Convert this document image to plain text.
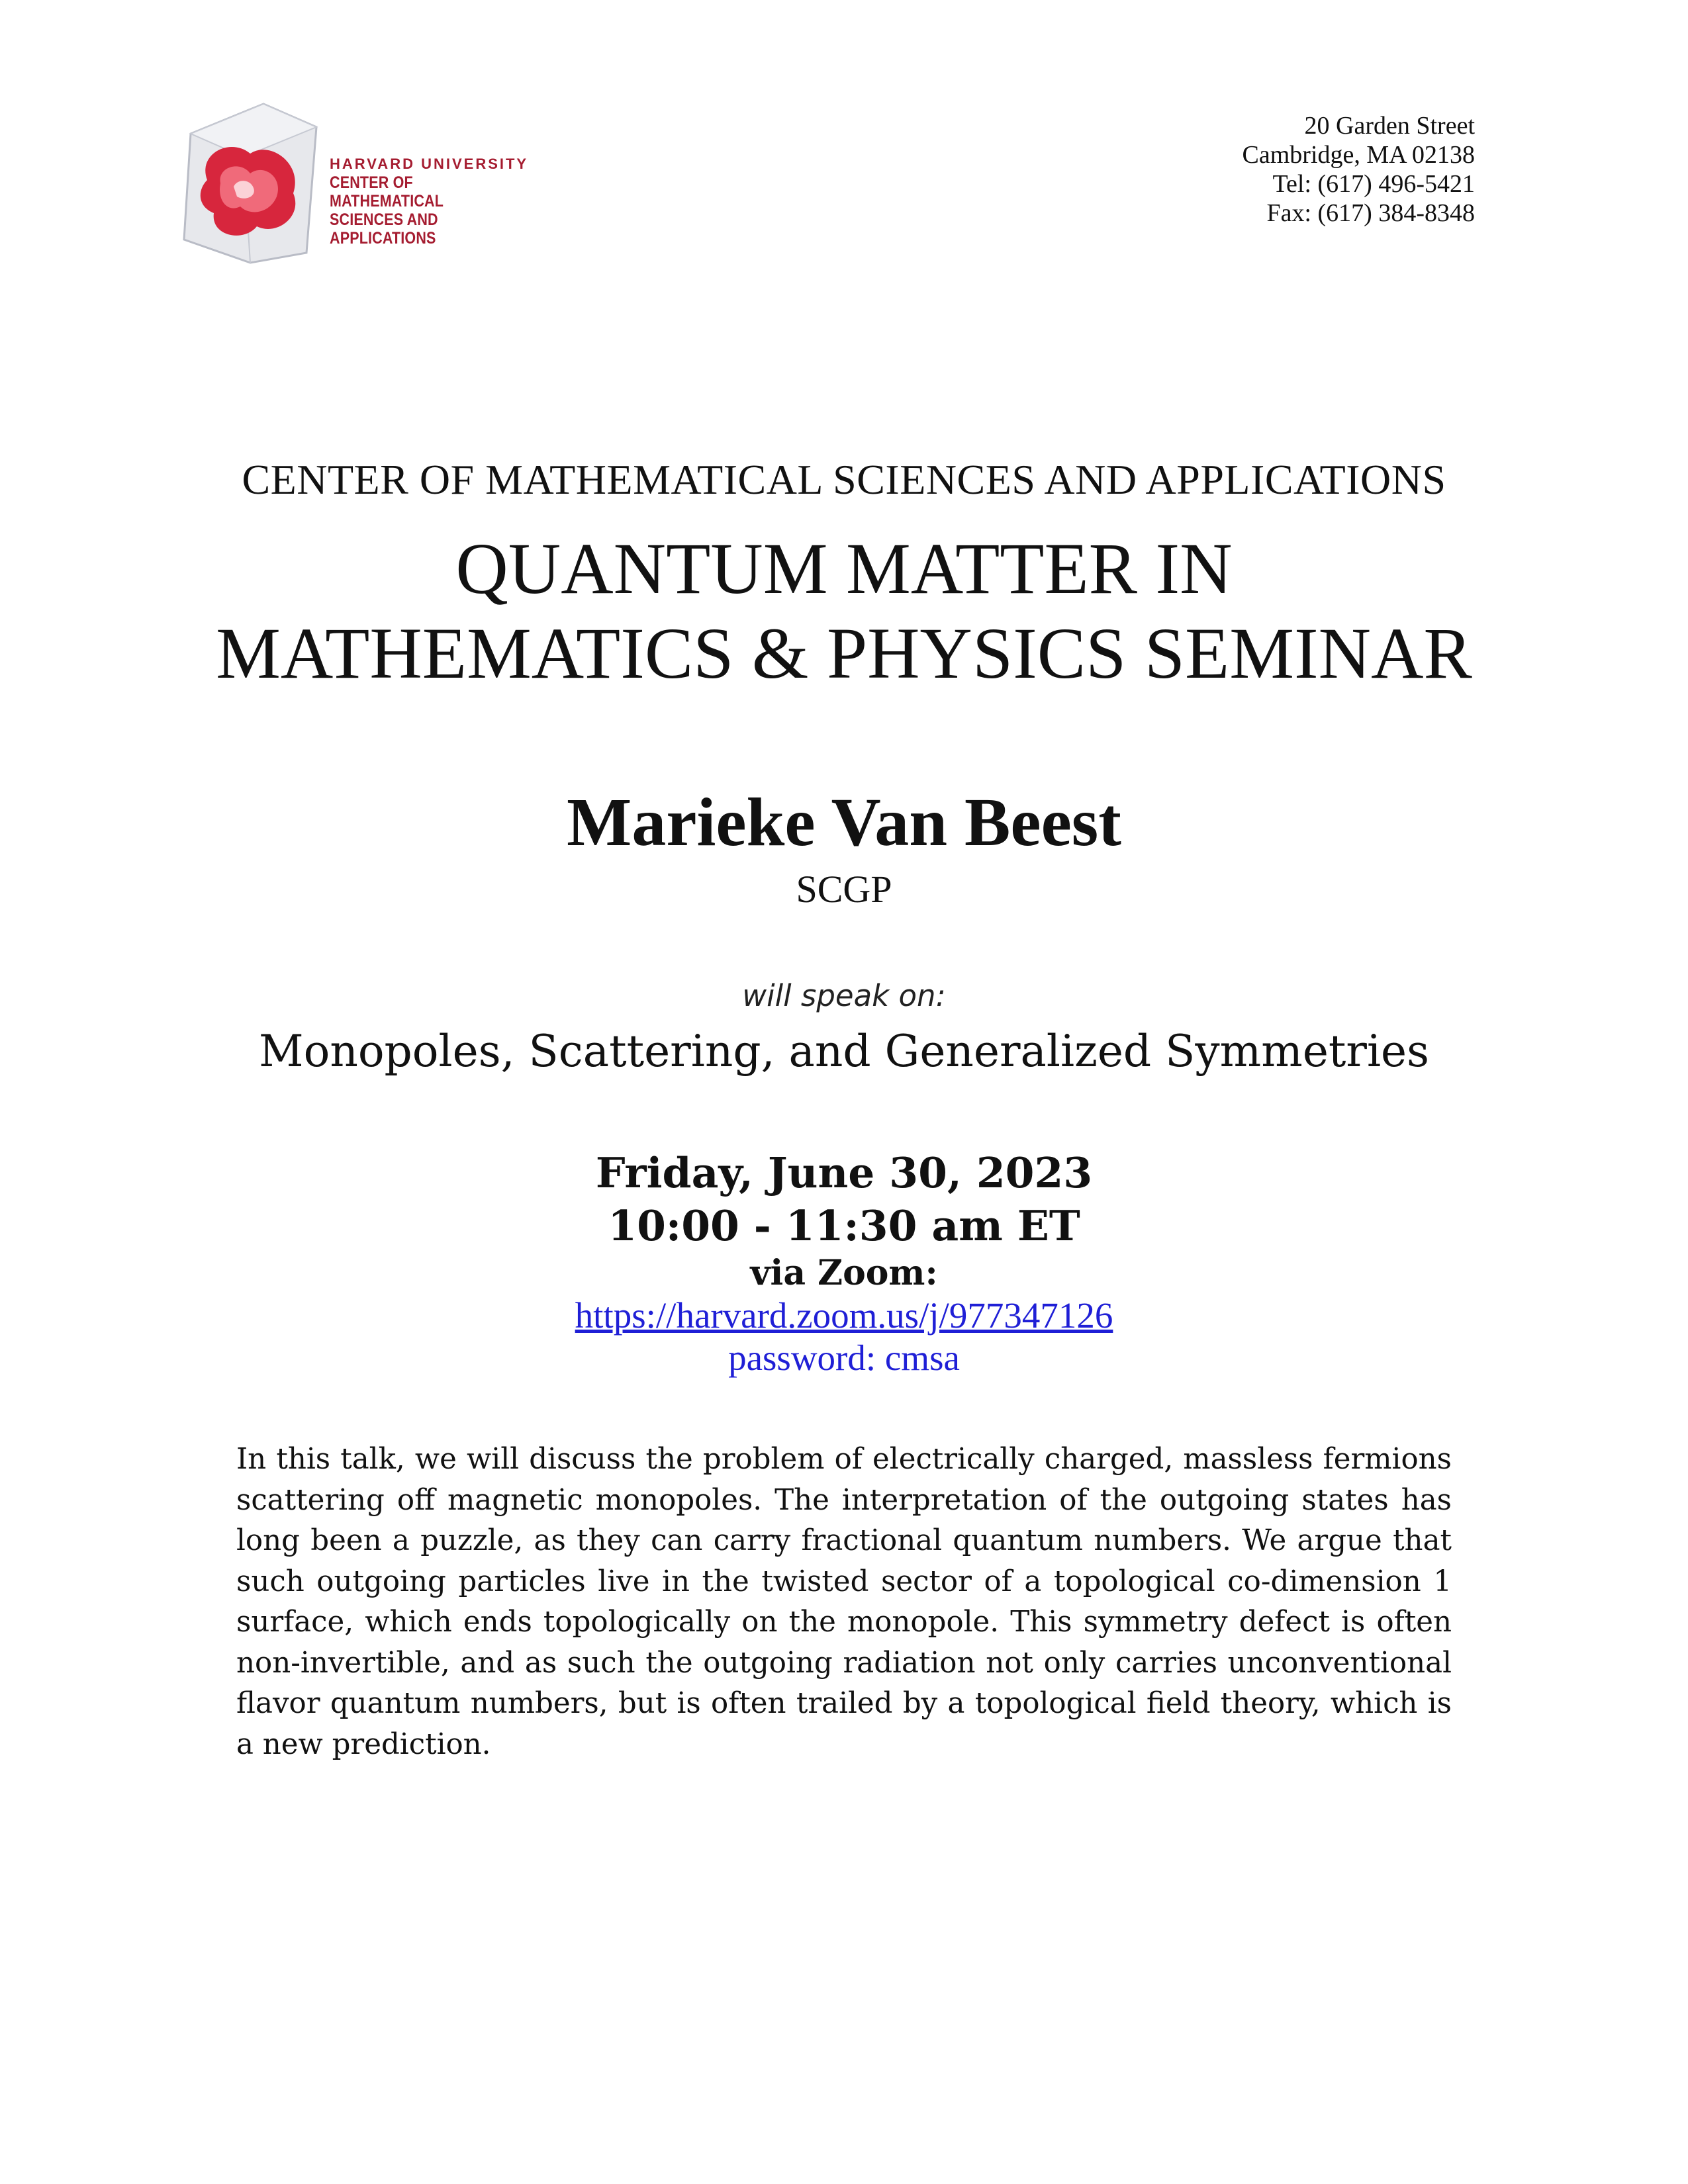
HARVARD UNIVERSITY
CENTER OF MATHEMATICAL
SCIENCES AND APPLICATIONS
20 Garden Street
Cambridge, MA 02138
Tel: (617) 496-5421
Fax: (617) 384-8348
CENTER OF MATHEMATICAL SCIENCES AND APPLICATIONS
QUANTUM MATTER IN
MATHEMATICS & PHYSICS SEMINAR
Marieke Van Beest
SCGP
will speak on:
Monopoles, Scattering, and Generalized Symmetries
Friday, June 30, 2023
10:00 - 11:30 am ET
via Zoom:
https://harvard.zoom.us/j/977347126
password: cmsa
In this talk, we will discuss the problem of electrically charged, massless fermions scattering off magnetic monopoles. The interpretation of the outgoing states has long been a puzzle, as they can carry fractional quantum numbers. We argue that such outgoing particles live in the twisted sector of a topological co-dimension 1 surface, which ends topologically on the monopole. This symmetry defect is often non-invertible, and as such the outgoing radiation not only carries unconventional flavor quantum numbers, but is often trailed by a topological field theory, which is a new prediction.
